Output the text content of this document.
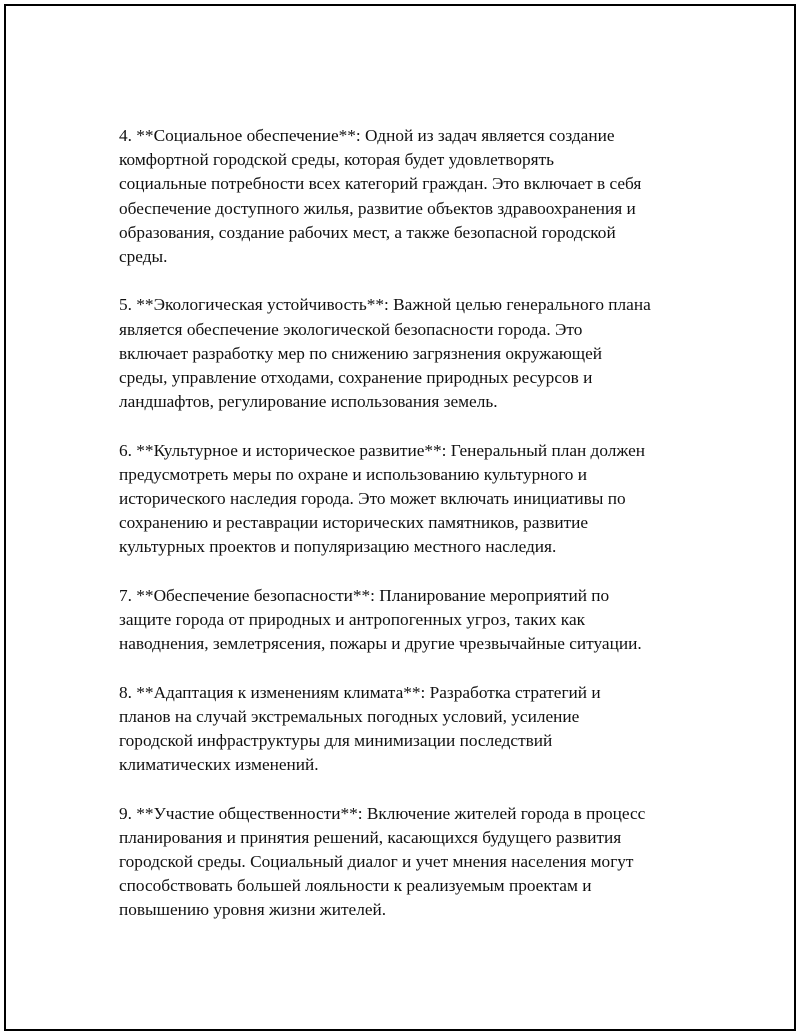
4. **Социальное обеспечение**: Одной из задач является создание
комфортной городской среды, которая будет удовлетворять
социальные потребности всех категорий граждан. Это включает в себя
обеспечение доступного жилья, развитие объектов здравоохранения и
образования, создание рабочих мест, а также безопасной городской
среды.

5. **Экологическая устойчивость**: Важной целью генерального плана
является обеспечение экологической безопасности города. Это
включает разработку мер по снижению загрязнения окружающей
среды, управление отходами, сохранение природных ресурсов и
ландшафтов, регулирование использования земель.

6. **Культурное и историческое развитие**: Генеральный план должен
предусмотреть меры по охране и использованию культурного и
исторического наследия города. Это может включать инициативы по
сохранению и реставрации исторических памятников, развитие
культурных проектов и популяризацию местного наследия.

7. **Обеспечение безопасности**: Планирование мероприятий по
защите города от природных и антропогенных угроз, таких как
наводнения, землетрясения, пожары и другие чрезвычайные ситуации.

8. **Адаптация к изменениям климата**: Разработка стратегий и
планов на случай экстремальных погодных условий, усиление
городской инфраструктуры для минимизации последствий
климатических изменений.

9. **Участие общественности**: Включение жителей города в процесс
планирования и принятия решений, касающихся будущего развития
городской среды. Социальный диалог и учет мнения населения могут
способствовать большей лояльности к реализуемым проектам и
повышению уровня жизни жителей.
